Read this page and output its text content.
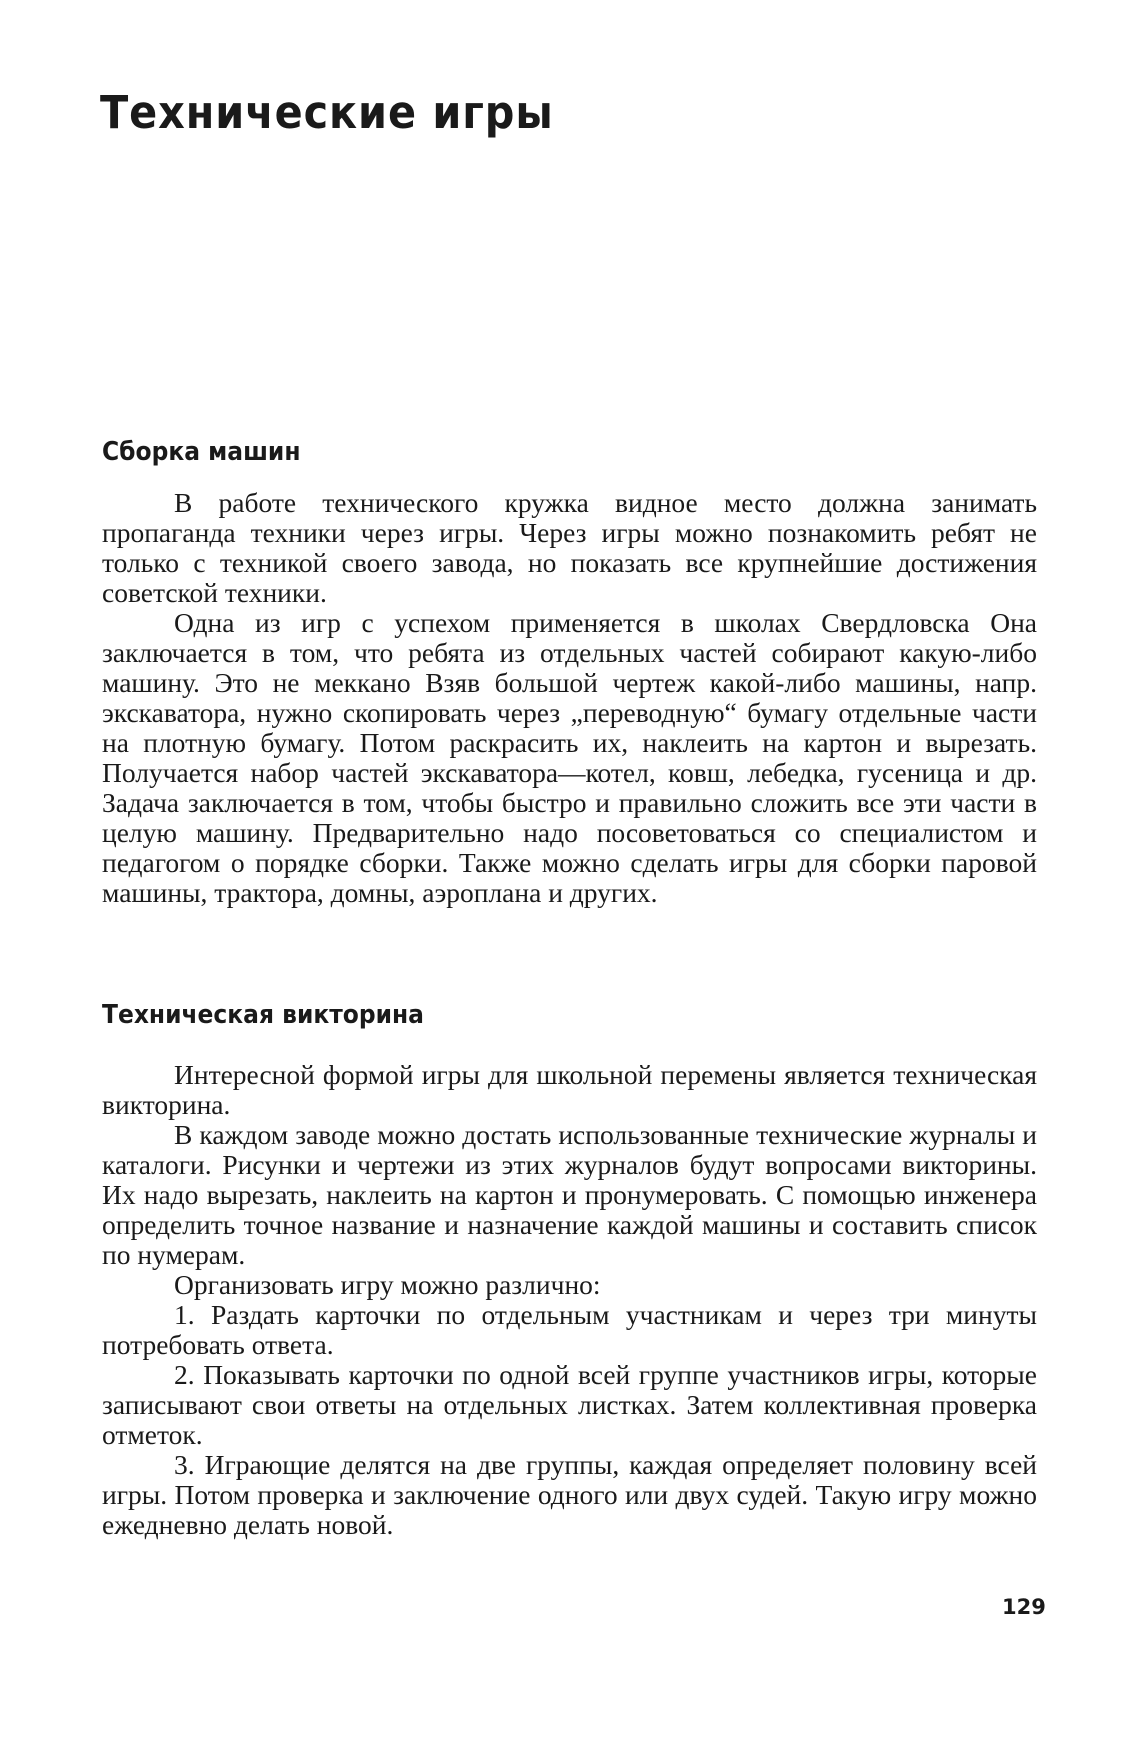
Технические игры
Сборка машин

В работе технического кружка видное место должна занимать пропаганда техники через игры. Через игры можно познакомить ребят не только с техникой своего завода, но показать все крупнейшие достижения советской техники.

Одна из игр с успехом применяется в школах Свердловска Она заключается в том, что ребята из отдельных частей собирают какую-либо машину. Это не меккано Взяв большой чертеж какой-либо машины, напр. экскаватора, нужно скопировать через „переводную“ бумагу отдельные части на плотную бумагу. Потом раскрасить их, наклеить на картон и вырезать. Получается набор частей экскаватора—котел, ковш, лебедка, гусеница и др. Задача заключается в том, чтобы быстро и правильно сложить все эти части в целую машину. Предварительно надо посоветоваться со специалистом и педагогом о порядке сборки. Также можно сделать игры для сборки паровой машины, трактора, домны, аэроплана и других.

Техническая викторина

Интересной формой игры для школьной перемены является техническая викторина.

В каждом заводе можно достать использованные технические журналы и каталоги. Рисунки и чертежи из этих журналов будут вопросами викторины. Их надо вырезать, наклеить на картон и пронумеровать. С помощью инженера определить точное название и назначение каждой машины и составить список по нумерам.

Организовать игру можно различно:

1. Раздать карточки по отдельным участникам и через три минуты потребовать ответа.

2. Показывать карточки по одной всей группе участников игры, которые записывают свои ответы на отдельных листках. Затем коллективная проверка отметок.

3. Играющие делятся на две группы, каждая определяет половину всей игры. Потом проверка и заключение одного или двух судей. Такую игру можно ежедневно делать новой.

129
